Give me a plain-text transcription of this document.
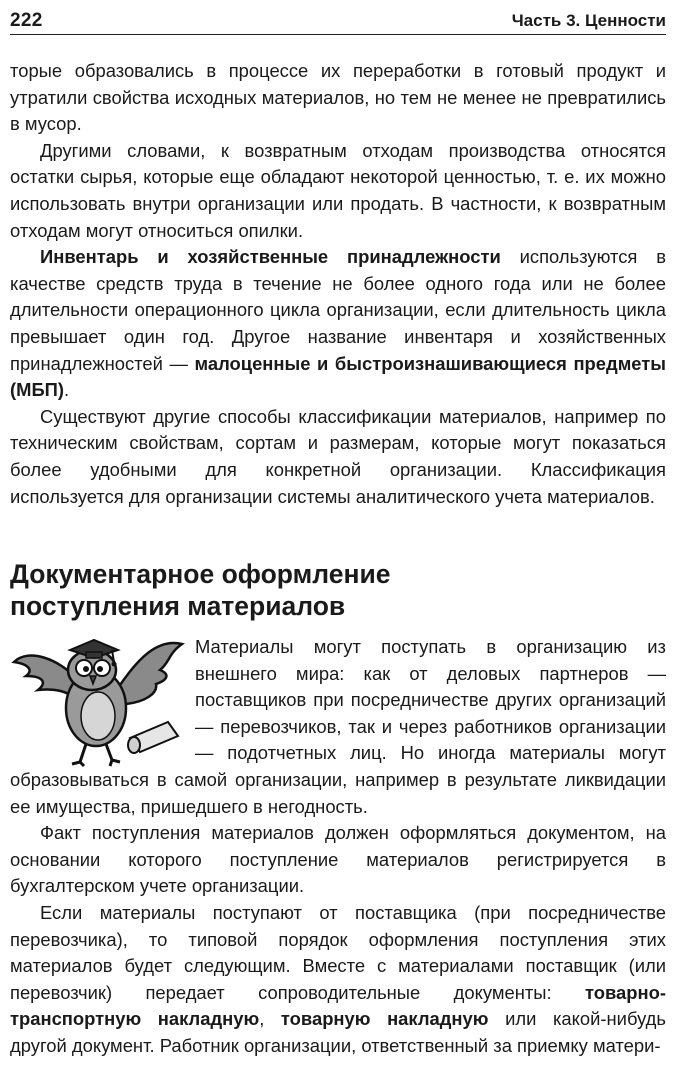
222	Часть 3. Ценности

торые образовались в процессе их переработки в готовый продукт и утратили свойства исходных материалов, но тем не менее не превратились в мусор.

Другими словами, к возвратным отходам производства относятся остатки сырья, которые еще обладают некоторой ценностью, т. е. их можно использовать внутри организации или продать. В частности, к возвратным отходам могут относиться опилки.

Инвентарь и хозяйственные принадлежности используются в качестве средств труда в течение не более одного года или не более длительности операционного цикла организации, если длительность цикла превышает один год. Другое название инвентаря и хозяйственных принадлежностей — малоценные и быстроизнашивающиеся предметы (МБП).

Существуют другие способы классификации материалов, например по техническим свойствам, сортам и размерам, которые могут показаться более удобными для конкретной организации. Классификация используется для организации системы аналитического учета материалов.

Документарное оформление
поступления материалов

Материалы могут поступать в организацию из внешнего мира: как от деловых партнеров — поставщиков при посредничестве других организаций — перевозчиков, так и через работников организации — подотчетных лиц. Но иногда материалы могут образовываться в самой организации, например в результате ликвидации ее имущества, пришедшего в негодность.

Факт поступления материалов должен оформляться документом, на основании которого поступление материалов регистрируется в бухгалтерском учете организации.

Если материалы поступают от поставщика (при посредничестве перевозчика), то типовой порядок оформления поступления этих материалов будет следующим. Вместе с материалами поставщик (или перевозчик) передает сопроводительные документы: товарно-транспортную накладную, товарную накладную или какой-нибудь другой документ. Работник организации, ответственный за приемку матери-
